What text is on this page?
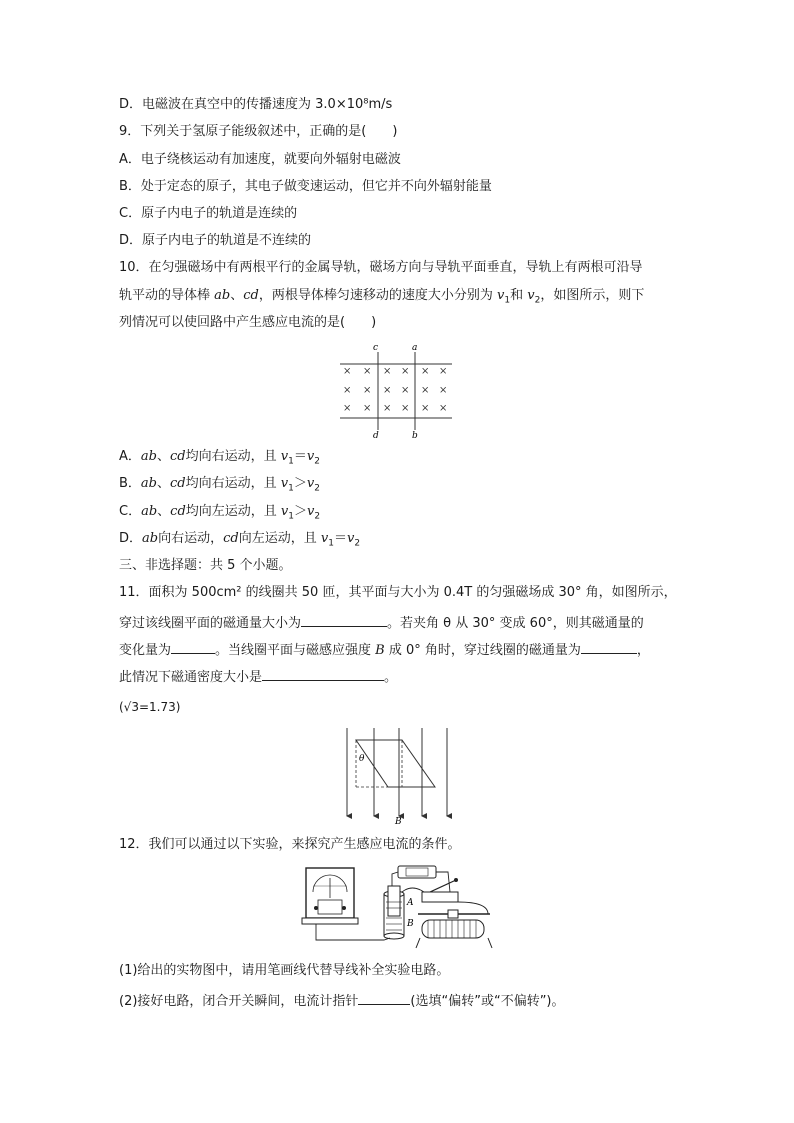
D．电磁波在真空中的传播速度为 3.0×10⁸m/s
9．下列关于氢原子能级叙述中，正确的是(　　)
A．电子绕核运动有加速度，就要向外辐射电磁波
B．处于定态的原子，其电子做变速运动，但它并不向外辐射能量
C．原子内电子的轨道是连续的
D．原子内电子的轨道是不连续的
10．在匀强磁场中有两根平行的金属导轨，磁场方向与导轨平面垂直，导轨上有两根可沿导
轨平动的导体棒 ab、cd，两根导体棒匀速移动的速度大小分别为 $v_1$和 $v_2$，如图所示，则下
列情况可以使回路中产生感应电流的是(　　)
c	a
d	b
× × × × × ×
× × × × × ×
× × × × × ×
A．ab、cd均向右运动，且 $v_1=v_2$
B．ab、cd均向右运动，且 $v_1>v_2$
C．ab、cd均向左运动，且 $v_1>v_2$
D．ab向右运动，cd向左运动，且 $v_1=v_2$
三、非选择题：共 5 个小题。
11．面积为 500cm² 的线圈共 50 匝，其平面与大小为 0.4T 的匀强磁场成 30° 角，如图所示，
穿过该线圈平面的磁通量大小为	。若夹角 θ 从 30° 变成 60°，则其磁通量的
变化量为	。当线圈平面与磁感应强度 B 成 0° 角时，穿过线圈的磁通量为	，
此情况下磁通密度大小是	。
(√3=1.73)
θ
B
12．我们可以通过以下实验，来探究产生感应电流的条件。
A
B
(1)给出的实物图中，请用笔画线代替导线补全实验电路。
(2)接好电路，闭合开关瞬间，电流计指针	(选填“偏转”或“不偏转”)。
